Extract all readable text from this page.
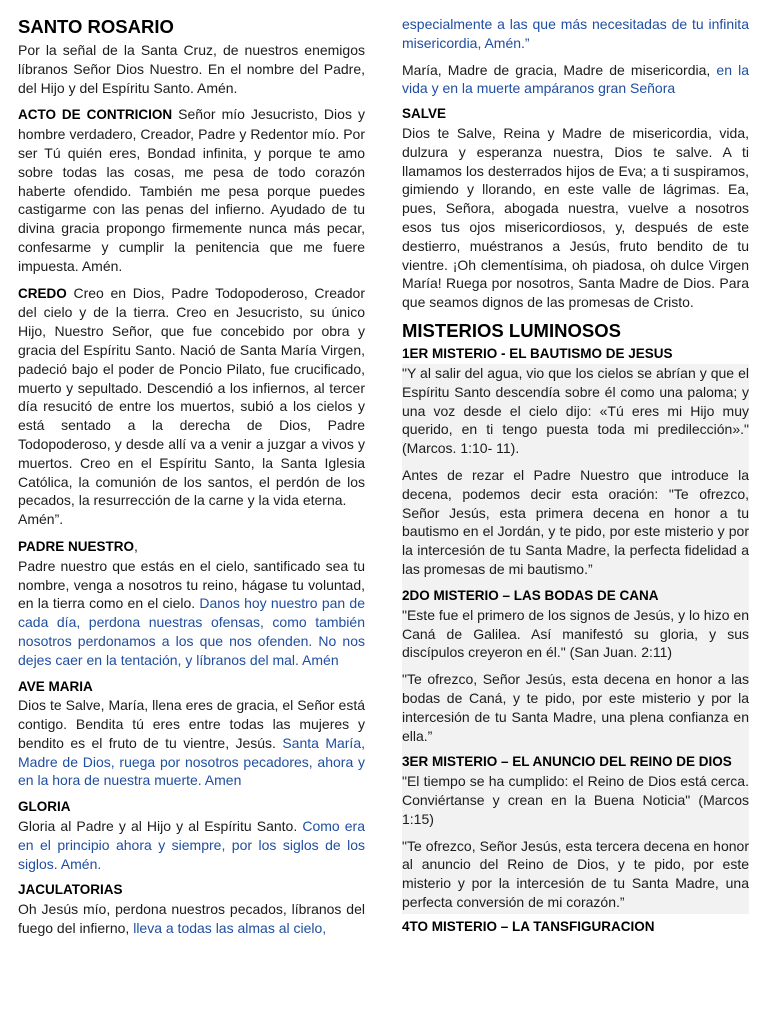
SANTO ROSARIO

Por la señal de la Santa Cruz, de nuestros enemigos líbranos Señor Dios Nuestro. En el nombre del Padre, del Hijo y del Espíritu Santo. Amén.

ACTO DE CONTRICION Señor mío Jesucristo, Dios y hombre verdadero, Creador, Padre y Redentor mío. Por ser Tú quién eres, Bondad infinita, y porque te amo sobre todas las cosas, me pesa de todo corazón haberte ofendido. También me pesa porque puedes castigarme con las penas del infierno. Ayudado de tu divina gracia propongo firmemente nunca más pecar, confesarme y cumplir la penitencia que me fuere impuesta. Amén.

CREDO Creo en Dios, Padre Todopoderoso, Creador del cielo y de la tierra. Creo en Jesucristo, su único Hijo, Nuestro Señor, que fue concebido por obra y gracia del Espíritu Santo. Nació de Santa María Virgen, padeció bajo el poder de Poncio Pilato, fue crucificado, muerto y sepultado. Descendió a los infiernos, al tercer día resucitó de entre los muertos, subió a los cielos y está sentado a la derecha de Dios, Padre Todopoderoso, y desde allí va a venir a juzgar a vivos y muertos. Creo en el Espíritu Santo, la Santa Iglesia Católica, la comunión de los santos, el perdón de los pecados, la resurrección de la carne y la vida eterna.
Amén”.

PADRE NUESTRO,
Padre nuestro que estás en el cielo, santificado sea tu nombre, venga a nosotros tu reino, hágase tu voluntad, en la tierra como en el cielo. Danos hoy nuestro pan de cada día, perdona nuestras ofensas, como también nosotros perdonamos a los que nos ofenden. No nos dejes caer en la tentación, y líbranos del mal. Amén

AVE MARIA
Dios te Salve, María, llena eres de gracia, el Señor está contigo. Bendita tú eres entre todas las mujeres y bendito es el fruto de tu vientre, Jesús. Santa María, Madre de Dios, ruega por nosotros pecadores, ahora y en la hora de nuestra muerte. Amen

GLORIA
Gloria al Padre y al Hijo y al Espíritu Santo. Como era en el principio ahora y siempre, por los siglos de los siglos. Amén.

JACULATORIAS
Oh Jesús mío, perdona nuestros pecados, líbranos del fuego del infierno, lleva a todas las almas al cielo,

especialmente a las que más necesitadas de tu infinita misericordia, Amén.”

María, Madre de gracia, Madre de misericordia, en la vida y en la muerte ampáranos gran Señora

SALVE
Dios te Salve, Reina y Madre de misericordia, vida, dulzura y esperanza nuestra, Dios te salve. A ti llamamos los desterrados hijos de Eva; a ti suspiramos, gimiendo y llorando, en este valle de lágrimas. Ea, pues, Señora, abogada nuestra, vuelve a nosotros esos tus ojos misericordiosos, y, después de este destierro, muéstranos a Jesús, fruto bendito de tu vientre. ¡Oh clementísima, oh piadosa, oh dulce Virgen María! Ruega por nosotros, Santa Madre de Dios. Para que seamos dignos de las promesas de Cristo.

MISTERIOS LUMINOSOS
1ER MISTERIO - EL BAUTISMO DE JESUS

"Y al salir del agua, vio que los cielos se abrían y que el Espíritu Santo descendía sobre él como una paloma; y una voz desde el cielo dijo: «Tú eres mi Hijo muy querido, en ti tengo puesta toda mi predilección»." (Marcos. 1:10- 11).

Antes de rezar el Padre Nuestro que introduce la decena, podemos decir esta oración: "Te ofrezco, Señor Jesús, esta primera decena en honor a tu bautismo en el Jordán, y te pido, por este misterio y por la intercesión de tu Santa Madre, la perfecta fidelidad a las promesas de mi bautismo.”

2DO MISTERIO – LAS BODAS DE CANA

"Este fue el primero de los signos de Jesús, y lo hizo en Caná de Galilea. Así manifestó su gloria, y sus discípulos creyeron en él." (San Juan. 2:11)

"Te ofrezco, Señor Jesús, esta decena en honor a las bodas de Caná, y te pido, por este misterio y por la intercesión de tu Santa Madre, una plena confianza en ella.”

3ER MISTERIO – EL ANUNCIO DEL REINO DE DIOS

"El tiempo se ha cumplido: el Reino de Dios está cerca. Conviértanse y crean en la Buena Noticia" (Marcos 1:15)

"Te ofrezco, Señor Jesús, esta tercera decena en honor al anuncio del Reino de Dios, y te pido, por este misterio y por la intercesión de tu Santa Madre, una perfecta conversión de mi corazón.”

4TO MISTERIO – LA TANSFIGURACION
